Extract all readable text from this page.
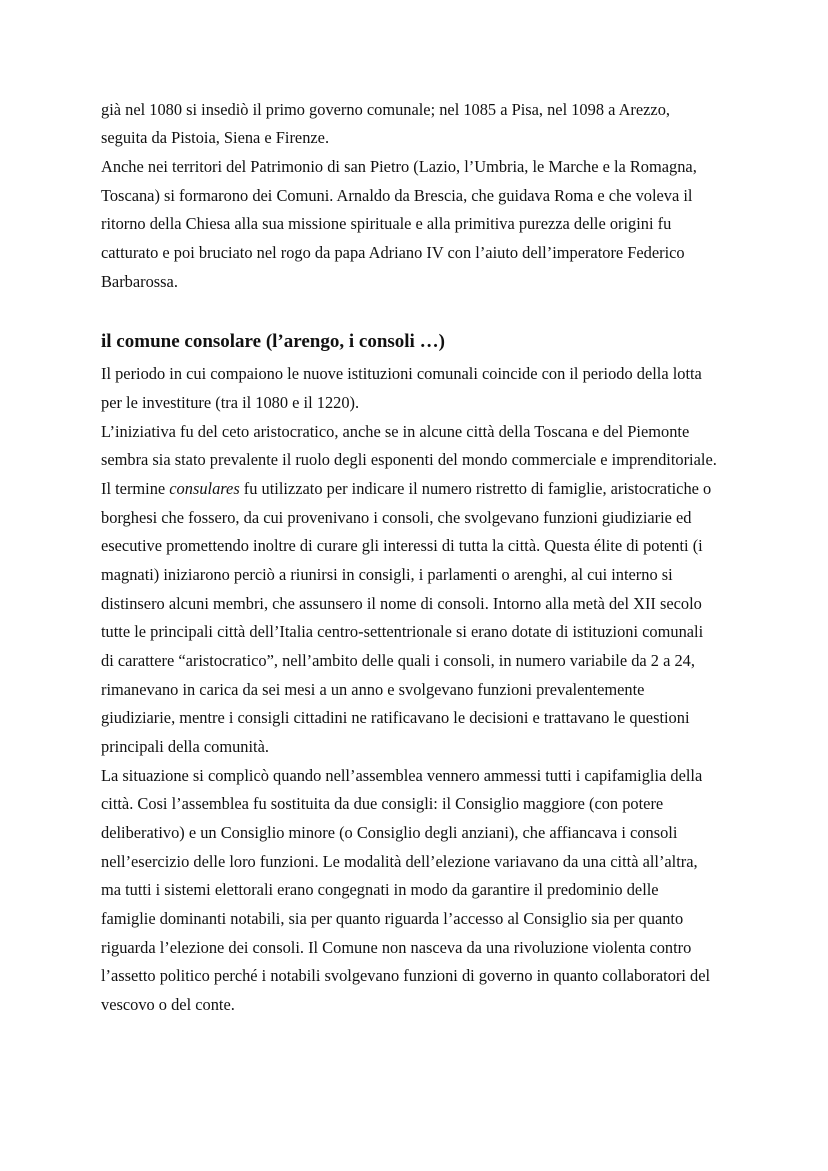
già nel 1080 si insediò il primo governo comunale; nel 1085 a Pisa, nel 1098 a Arezzo,
seguita da Pistoia, Siena e Firenze.
Anche nei territori del Patrimonio di san Pietro (Lazio, l’Umbria, le Marche e la Romagna,
Toscana) si formarono dei Comuni. Arnaldo da Brescia, che guidava Roma e che voleva il
ritorno della Chiesa alla sua missione spirituale e alla primitiva purezza delle origini fu
catturato e poi bruciato nel rogo da papa Adriano IV con l’aiuto dell’imperatore Federico
Barbarossa.
il comune consolare (l’arengo, i consoli …)
Il periodo in cui compaiono le nuove istituzioni comunali coincide con il periodo della lotta
per le investiture (tra il 1080 e il 1220).
L’iniziativa fu del ceto aristocratico, anche se in alcune città della Toscana e del Piemonte
sembra sia stato prevalente il ruolo degli esponenti del mondo commerciale e imprenditoriale.
Il termine consulares fu utilizzato per indicare il numero ristretto di famiglie, aristocratiche o
borghesi che fossero, da cui provenivano i consoli, che svolgevano funzioni giudiziarie ed
esecutive promettendo inoltre di curare gli interessi di tutta la città. Questa élite di potenti (i
magnati) iniziarono perciò a riunirsi in consigli, i parlamenti o arenghi, al cui interno si
distinsero alcuni membri, che assunsero il nome di consoli. Intorno alla metà del XII secolo
tutte le principali città dell’Italia centro-settentrionale si erano dotate di istituzioni comunali
di carattere “aristocratico”, nell’ambito delle quali i consoli, in numero variabile da 2 a 24,
rimanevano in carica da sei mesi a un anno e svolgevano funzioni prevalentemente
giudiziarie, mentre i consigli cittadini ne ratificavano le decisioni e trattavano le questioni
principali della comunità.
La situazione si complicò quando nell’assemblea vennero ammessi tutti i capifamiglia della
città. Cosi l’assemblea fu sostituita da due consigli: il Consiglio maggiore (con potere
deliberativo) e un Consiglio minore (o Consiglio degli anziani), che affiancava i consoli
nell’esercizio delle loro funzioni. Le modalità dell’elezione variavano da una città all’altra,
ma tutti i sistemi elettorali erano congegnati in modo da garantire il predominio delle
famiglie dominanti notabili, sia per quanto riguarda l’accesso al Consiglio sia per quanto
riguarda l’elezione dei consoli. Il Comune non nasceva da una rivoluzione violenta contro
l’assetto politico perché i notabili svolgevano funzioni di governo in quanto collaboratori del
vescovo o del conte.
